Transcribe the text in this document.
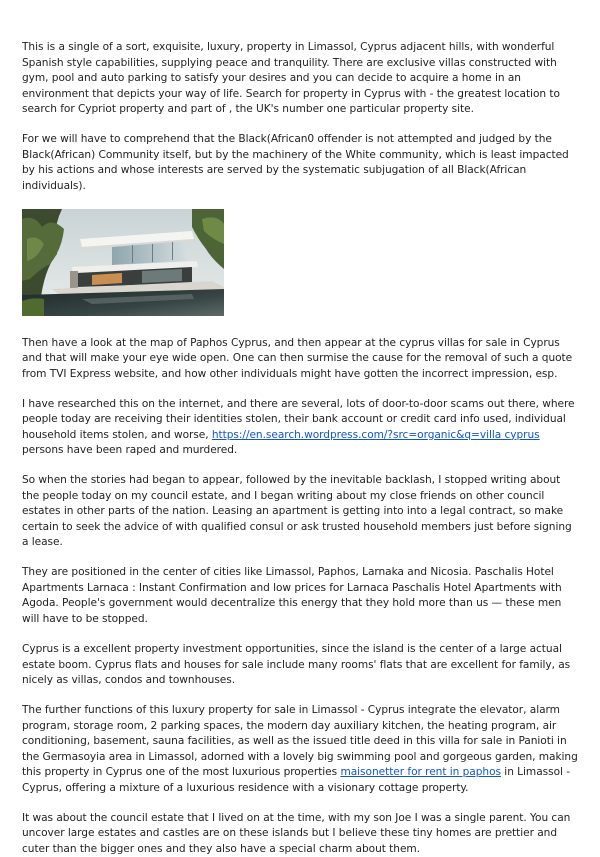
This is a single of a sort, exquisite, luxury, property in Limassol, Cyprus adjacent hills, with wonderful Spanish style capabilities, supplying peace and tranquility. There are exclusive villas constructed with gym, pool and auto parking to satisfy your desires and you can decide to acquire a home in an environment that depicts your way of life. Search for property in Cyprus with - the greatest location to search for Cypriot property and part of , the UK's number one particular property site.

For we will have to comprehend that the Black(African0 offender is not attempted and judged by the Black(African) Community itself, but by the machinery of the White community, which is least impacted by his actions and whose interests are served by the systematic subjugation of all Black(African individuals).

Then have a look at the map of Paphos Cyprus, and then appear at the cyprus villas for sale in Cyprus and that will make your eye wide open. One can then surmise the cause for the removal of such a quote from TVI Express website, and how other individuals might have gotten the incorrect impression, esp.

I have researched this on the internet, and there are several, lots of door-to-door scams out there, where people today are receiving their identities stolen, their bank account or credit card info used, individual household items stolen, and worse, https://en.search.wordpress.com/?src=organic&q=villa cyprus persons have been raped and murdered.

So when the stories had began to appear, followed by the inevitable backlash, I stopped writing about the people today on my council estate, and I began writing about my close friends on other council estates in other parts of the nation. Leasing an apartment is getting into into a legal contract, so make certain to seek the advice of with qualified consul or ask trusted household members just before signing a lease.

They are positioned in the center of cities like Limassol, Paphos, Larnaka and Nicosia. Paschalis Hotel Apartments Larnaca : Instant Confirmation and low prices for Larnaca Paschalis Hotel Apartments with Agoda. People's government would decentralize this energy that they hold more than us — these men will have to be stopped.

Cyprus is a excellent property investment opportunities, since the island is the center of a large actual estate boom. Cyprus flats and houses for sale include many rooms' flats that are excellent for family, as nicely as villas, condos and townhouses.

The further functions of this luxury property for sale in Limassol - Cyprus integrate the elevator, alarm program, storage room, 2 parking spaces, the modern day auxiliary kitchen, the heating program, air conditioning, basement, sauna facilities, as well as the issued title deed in this villa for sale in Panioti in the Germasoyia area in Limassol, adorned with a lovely big swimming pool and gorgeous garden, making this property in Cyprus one of the most luxurious properties maisonetter for rent in paphos in Limassol - Cyprus, offering a mixture of a luxurious residence with a visionary cottage property.

It was about the council estate that I lived on at the time, with my son Joe I was a single parent. You can uncover large estates and castles are on these islands but I believe these tiny homes are prettier and cuter than the bigger ones and they also have a special charm about them.
